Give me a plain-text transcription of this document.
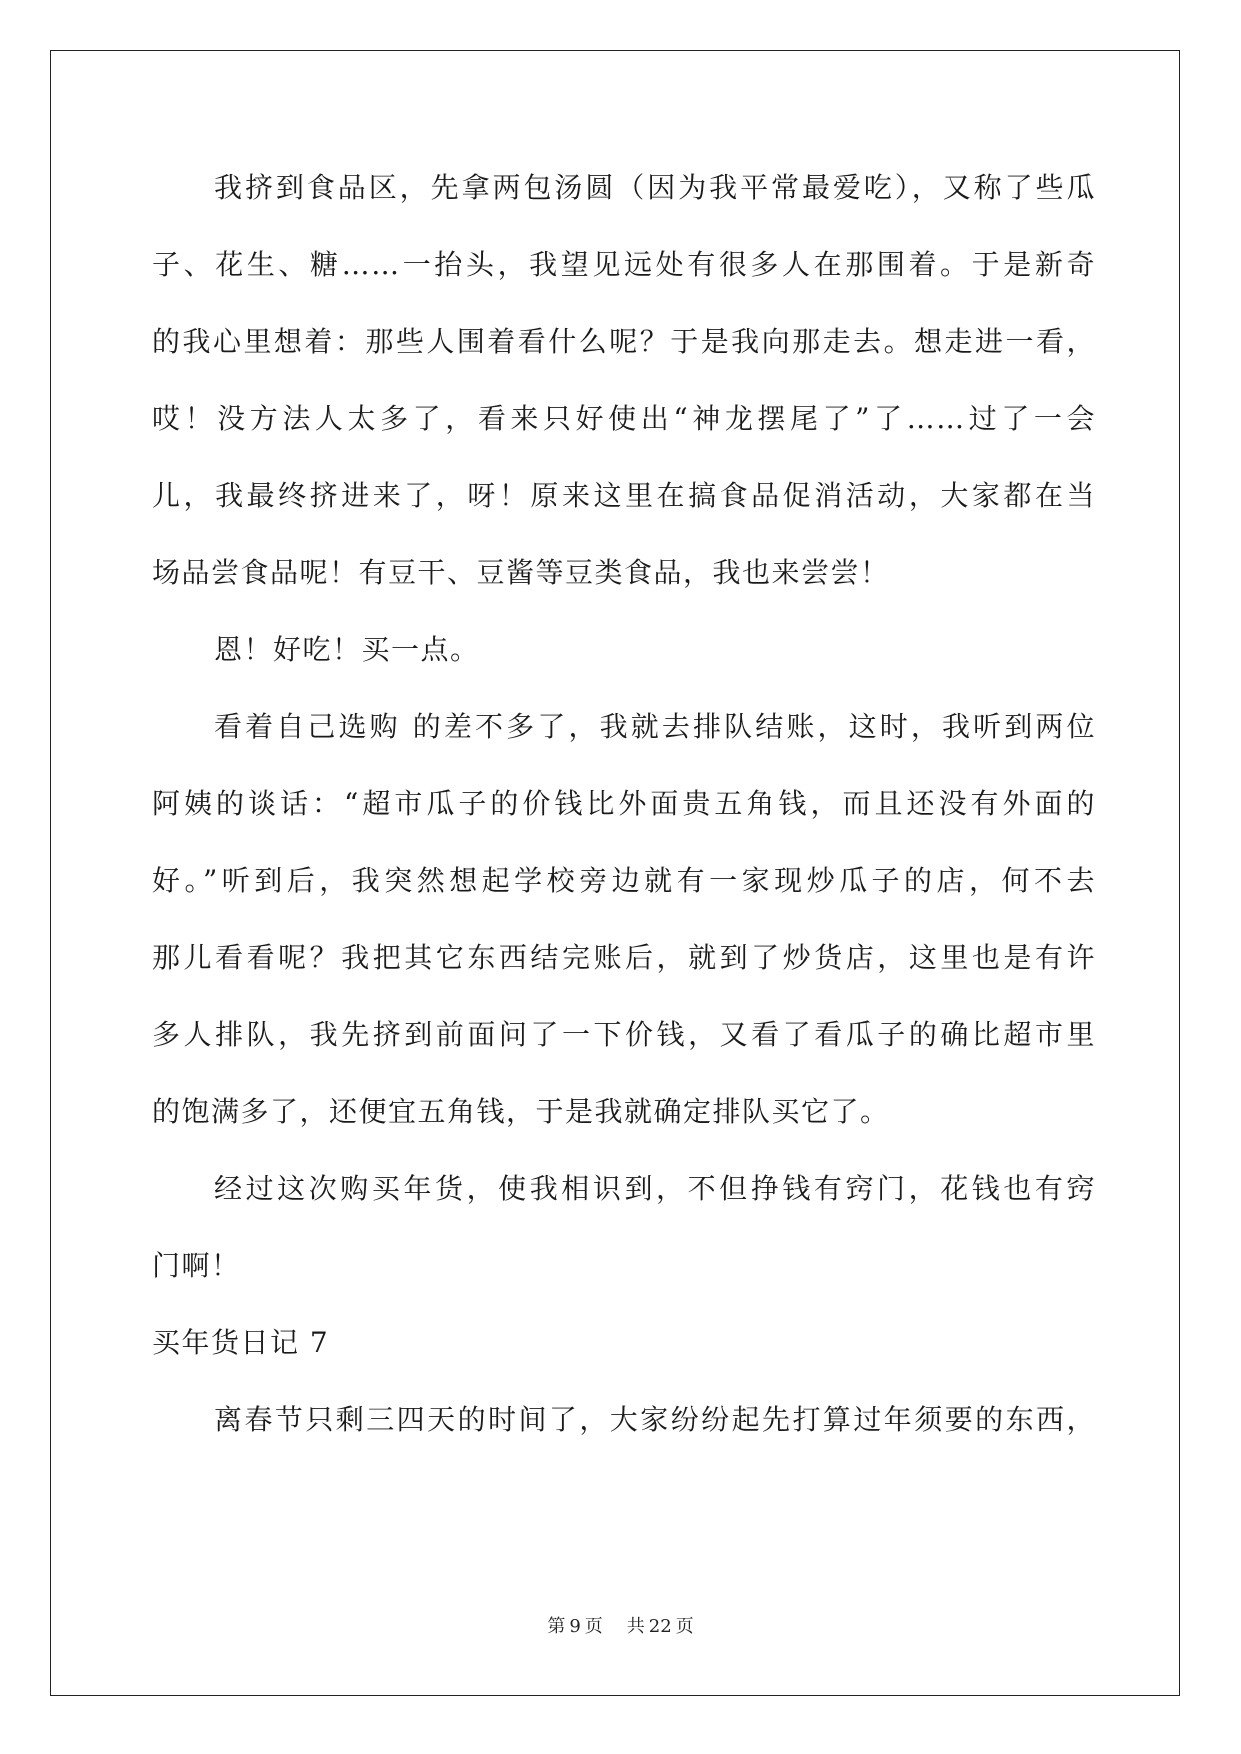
我挤到食品区，先拿两包汤圆（因为我平常最爱吃），又称了些瓜
子、花生、糖……一抬头，我望见远处有很多人在那围着。于是新奇
的我心里想着：那些人围着看什么呢？于是我向那走去。想走进一看，
哎！没方法人太多了，看来只好使出“神龙摆尾了”了……过了一会
儿，我最终挤进来了，呀！原来这里在搞食品促消活动，大家都在当
场品尝食品呢！有豆干、豆酱等豆类食品，我也来尝尝！
恩！好吃！买一点。
看着自己选购 的差不多了，我就去排队结账，这时，我听到两位
阿姨的谈话：“超市瓜子的价钱比外面贵五角钱，而且还没有外面的
好。”听到后，我突然想起学校旁边就有一家现炒瓜子的店，何不去
那儿看看呢？我把其它东西结完账后，就到了炒货店，这里也是有许
多人排队，我先挤到前面问了一下价钱，又看了看瓜子的确比超市里
的饱满多了，还便宜五角钱，于是我就确定排队买它了。
经过这次购买年货，使我相识到，不但挣钱有窍门，花钱也有窍
门啊！
买年货日记 7
离春节只剩三四天的时间了，大家纷纷起先打算过年须要的东西，
第 9 页 共 22 页
